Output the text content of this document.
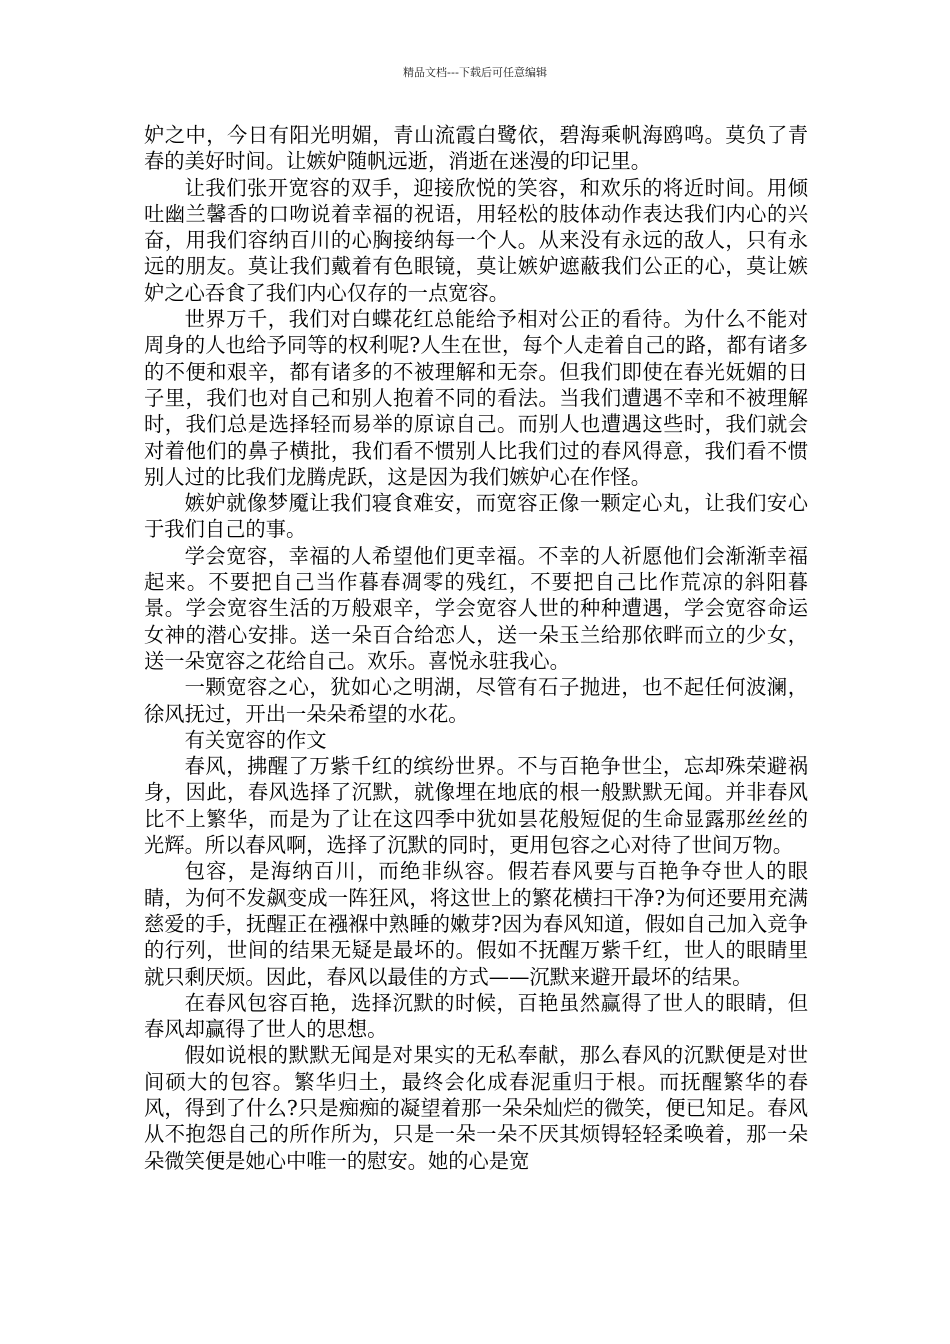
精品文档---下载后可任意编辑

妒之中，今日有阳光明媚，青山流霞白鹭依，碧海乘帆海鸥鸣。莫负了青春的美好时间。让嫉妒随帆远逝，消逝在迷漫的印记里。

让我们张开宽容的双手，迎接欣悦的笑容，和欢乐的将近时间。用倾吐幽兰馨香的口吻说着幸福的祝语，用轻松的肢体动作表达我们内心的兴奋，用我们容纳百川的心胸接纳每一个人。从来没有永远的敌人，只有永远的朋友。莫让我们戴着有色眼镜，莫让嫉妒遮蔽我们公正的心，莫让嫉妒之心吞食了我们内心仅存的一点宽容。

世界万千，我们对白蝶花红总能给予相对公正的看待。为什么不能对周身的人也给予同等的权利呢?人生在世，每个人走着自己的路，都有诸多的不便和艰辛，都有诸多的不被理解和无奈。但我们即使在春光妩媚的日子里，我们也对自己和别人抱着不同的看法。当我们遭遇不幸和不被理解时，我们总是选择轻而易举的原谅自己。而别人也遭遇这些时，我们就会对着他们的鼻子横批，我们看不惯别人比我们过的春风得意，我们看不惯别人过的比我们龙腾虎跃，这是因为我们嫉妒心在作怪。

嫉妒就像梦魇让我们寝食难安，而宽容正像一颗定心丸，让我们安心于我们自己的事。

学会宽容，幸福的人希望他们更幸福。不幸的人祈愿他们会渐渐幸福起来。不要把自己当作暮春凋零的残红，不要把自己比作荒凉的斜阳暮景。学会宽容生活的万般艰辛，学会宽容人世的种种遭遇，学会宽容命运女神的潜心安排。送一朵百合给恋人，送一朵玉兰给那依畔而立的少女，送一朵宽容之花给自己。欢乐。喜悦永驻我心。

一颗宽容之心，犹如心之明湖，尽管有石子抛进，也不起任何波澜，徐风抚过，开出一朵朵希望的水花。

有关宽容的作文

春风，拂醒了万紫千红的缤纷世界。不与百艳争世尘，忘却殊荣避祸身，因此，春风选择了沉默，就像埋在地底的根一般默默无闻。并非春风比不上繁华，而是为了让在这四季中犹如昙花般短促的生命显露那丝丝的光辉。所以春风啊，选择了沉默的同时，更用包容之心对待了世间万物。

包容，是海纳百川，而绝非纵容。假若春风要与百艳争夺世人的眼睛，为何不发飙变成一阵狂风，将这世上的繁花横扫干净?为何还要用充满慈爱的手，抚醒正在襁褓中熟睡的嫩芽?因为春风知道，假如自己加入竞争的行列，世间的结果无疑是最坏的。假如不抚醒万紫千红，世人的眼睛里就只剩厌烦。因此，春风以最佳的方式——沉默来避开最坏的结果。

在春风包容百艳，选择沉默的时候，百艳虽然赢得了世人的眼睛，但春风却赢得了世人的思想。

假如说根的默默无闻是对果实的无私奉献，那么春风的沉默便是对世间硕大的包容。繁华归土，最终会化成春泥重归于根。而抚醒繁华的春风，得到了什么?只是痴痴的凝望着那一朵朵灿烂的微笑，便已知足。春风从不抱怨自己的所作所为，只是一朵一朵不厌其烦锝轻轻柔唤着，那一朵朵微笑便是她心中唯一的慰安。她的心是宽
